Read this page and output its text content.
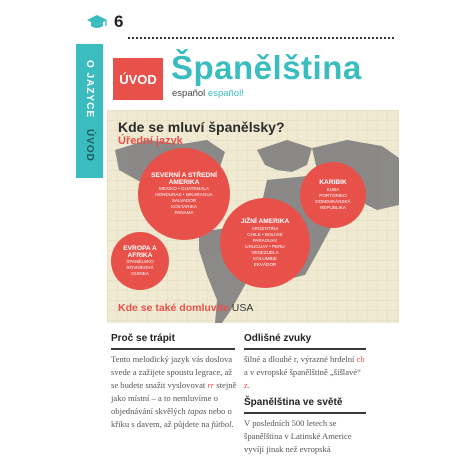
6
O JAZYCE ÚVOD
ÚVOD Španělština
español español!
Kde se mluví španělsky?
Úřední jazyk
SEVERNÍ A STŘEDNÍ AMERIKA
MEXIKO • GUATEMALA
HONDURAS • NIKARAGUA
SALVADOR
KOSTARIKA
PANAMA
KARIBIK
KUBA
PORTORIKO
DOMINIKÁNSKÁ
REPUBLIKA
JIŽNÍ AMERIKA
ARGENTINA
CHILE • BOLÍVIE
PARAGUAY
URUGUAY • PERU
VENEZUELA
KOLUMBIE
EKVÁDOR
EVROPA A AFRIKA
ŠPANĚLSKO
ROVNÍKOVÁ
GUINEA
Kde se také domluvíte USA
Proč se trápit
Tento melodický jazyk vás doslova svede a zažijete spoustu legrace, až se budete snažit vyslovovat rr stejně jako místní – a to nemluvíme o objednávání skvělých tapas nebo o křiku s davem, až půjdete na fútbol.
Odlišné zvuky
šilné a dlouhé r, výrazné hrdelní ch a v evropské španělštině „šišlavé“ z.
Španělština ve světě
V posledních 500 letech se španělština v Latinské Americe vyvíjí jinak než evropská
